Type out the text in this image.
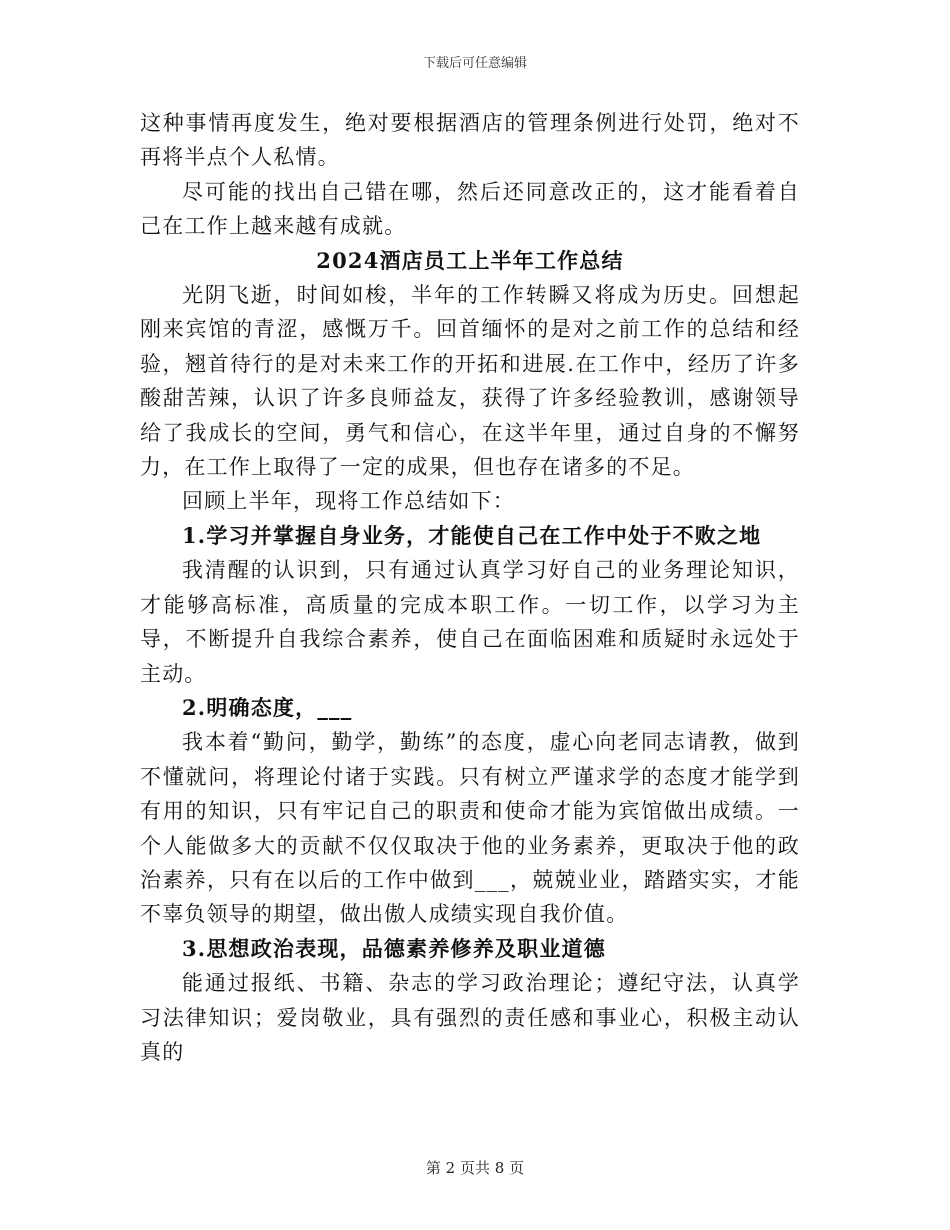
下载后可任意编辑

这种事情再度发生，绝对要根据酒店的管理条例进行处罚，绝对不再将半点个人私情。

尽可能的找出自己错在哪，然后还同意改正的，这才能看着自己在工作上越来越有成就。

2024酒店员工上半年工作总结

光阴飞逝，时间如梭，半年的工作转瞬又将成为历史。回想起刚来宾馆的青涩，感慨万千。回首缅怀的是对之前工作的总结和经验，翘首待行的是对未来工作的开拓和进展.在工作中，经历了许多酸甜苦辣，认识了许多良师益友，获得了许多经验教训，感谢领导给了我成长的空间，勇气和信心，在这半年里，通过自身的不懈努力，在工作上取得了一定的成果，但也存在诸多的不足。

回顾上半年，现将工作总结如下：

1.学习并掌握自身业务，才能使自己在工作中处于不败之地

我清醒的认识到，只有通过认真学习好自己的业务理论知识，才能够高标准，高质量的完成本职工作。一切工作，以学习为主导，不断提升自我综合素养，使自己在面临困难和质疑时永远处于主动。

2.明确态度，___

我本着“勤问，勤学，勤练”的态度，虚心向老同志请教，做到不懂就问，将理论付诸于实践。只有树立严谨求学的态度才能学到有用的知识，只有牢记自己的职责和使命才能为宾馆做出成绩。一个人能做多大的贡献不仅仅取决于他的业务素养，更取决于他的政治素养，只有在以后的工作中做到___，兢兢业业，踏踏实实，才能不辜负领导的期望，做出傲人成绩实现自我价值。

3.思想政治表现，品德素养修养及职业道德

能通过报纸、书籍、杂志的学习政治理论；遵纪守法，认真学习法律知识；爱岗敬业，具有强烈的责任感和事业心，积极主动认真的

第 2 页共 8 页
